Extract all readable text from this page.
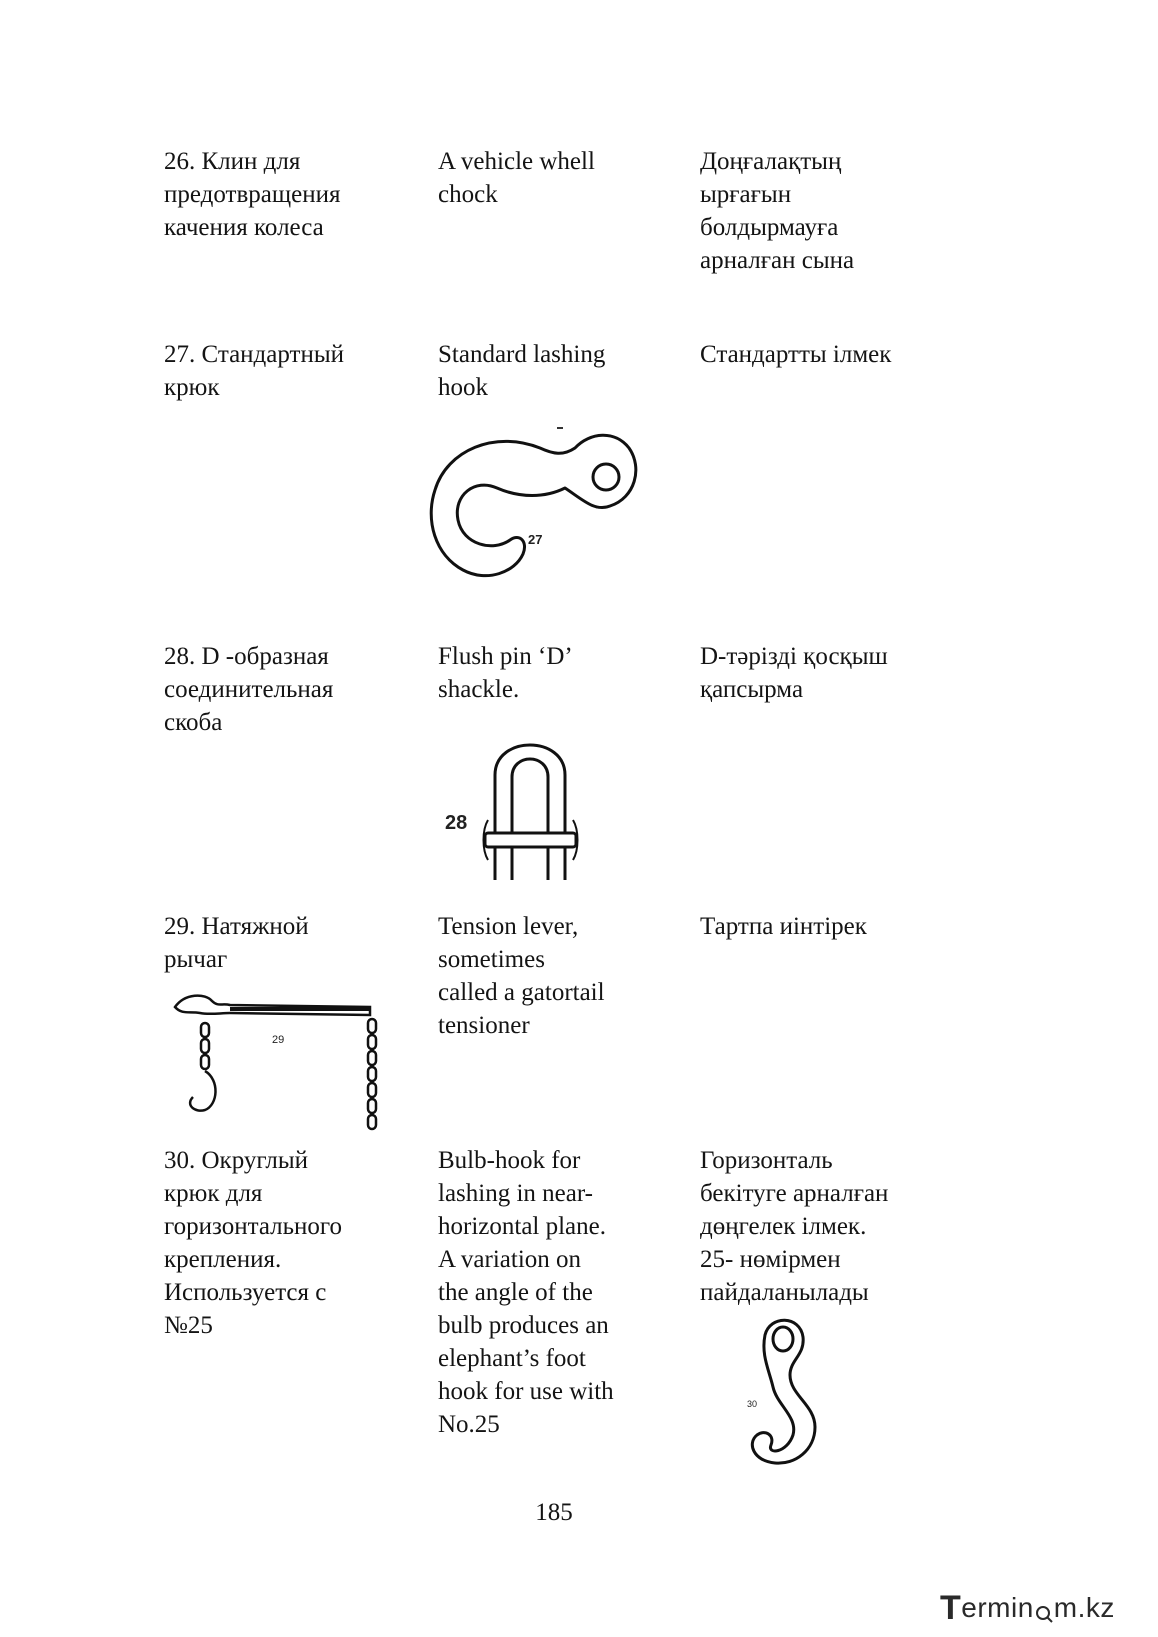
26. Клин для
предотвращения
качения колеса

A vehicle whell
chock

Доңғалақтың
ырғағын
болдырмауға
арналған сына

27. Стандартный
крюк

Standard lashing
hook

Стандартты ілмек

27

28. D -образная
соединительная
скоба

Flush pin ‘D’
shackle.

D-тәрізді қосқыш
қапсырма

28

29. Натяжной
рычаг

Tension lever,
sometimes
called a gatortail
tensioner

Тартпа иінтірек

29

30. Округлый
крюк для
горизонтального
крепления.
Используется с
№25

Bulb-hook for
lashing in near-
horizontal plane.
A variation on
the angle of the
bulb produces an
elephant’s foot
hook for use with
No.25

Горизонталь
бекітуге арналған
дөңгелек ілмек.
25- нөмірмен
пайдаланылады

30
185
T ermin m.kz
